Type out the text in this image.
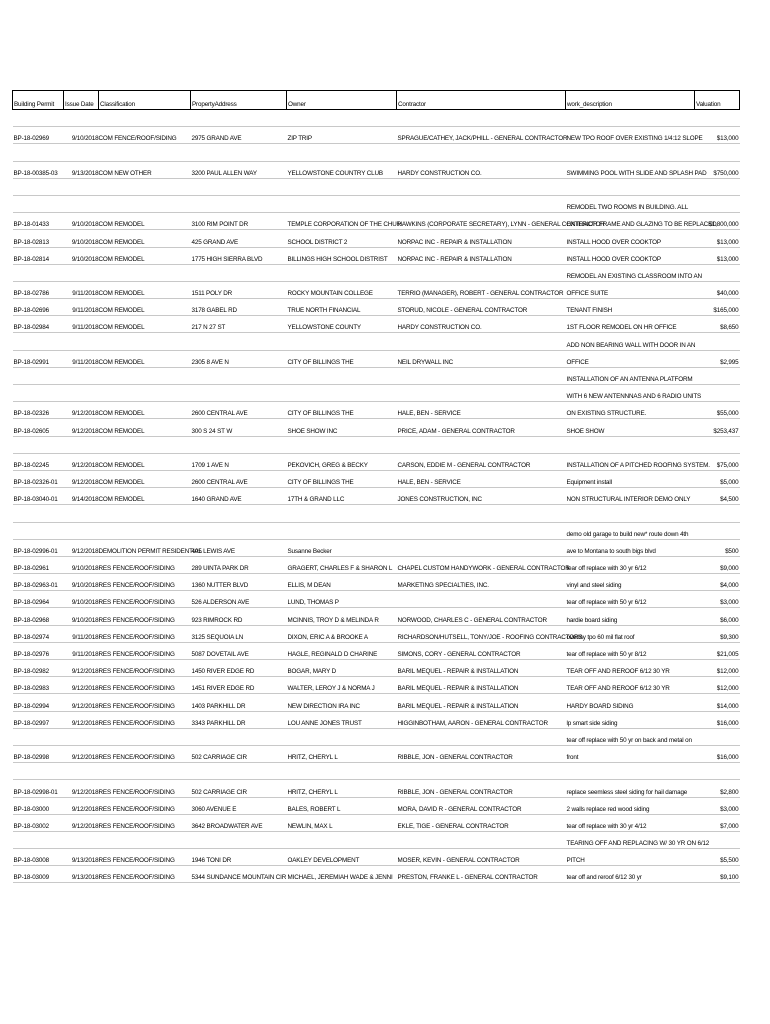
Building Permit	Issue Date	Classification	PropertyAddress	Owner	Contractor	work_description	Valuation

BP-18-02969	9/10/2018	COM FENCE/ROOF/SIDING	2975 GRAND AVE	ZIP TRIP	SPRAGUE/CATHEY, JACK/PHILL - GENERAL CONTRACTOR	NEW TPO ROOF OVER EXISTING 1/4:12 SLOPE	$13,000

BP-18-00385-03	9/13/2018	COM NEW OTHER	3200 PAUL ALLEN WAY	YELLOWSTONE COUNTRY CLUB	HARDY CONSTRUCTION CO.	SWIMMING POOL WITH SLIDE AND SPLASH PAD	$750,000

						REMODEL TWO ROOMS IN BUILDING. ALL	
BP-18-01433	9/10/2018	COM REMODEL	3100 RIM POINT DR	TEMPLE CORPORATION OF THE CHUR	HAWKINS (CORPORATE SECRETARY), LYNN - GENERAL CONTRACTOR	EXTERIOR FRAME AND GLAZING TO BE REPLACED	$1,800,000
BP-18-02813	9/10/2018	COM REMODEL	425 GRAND AVE	SCHOOL DISTRICT 2	NORPAC INC - REPAIR & INSTALLATION	INSTALL HOOD OVER COOKTOP	$13,000
BP-18-02814	9/10/2018	COM REMODEL	1775 HIGH SIERRA BLVD	BILLINGS HIGH SCHOOL DISTRIST	NORPAC INC - REPAIR & INSTALLATION	INSTALL HOOD OVER COOKTOP	$13,000
						REMODEL AN EXISTING CLASSROOM INTO AN	
BP-18-02786	9/11/2018	COM REMODEL	1511 POLY DR	ROCKY MOUNTAIN COLLEGE	TERRIO (MANAGER), ROBERT - GENERAL CONTRACTOR	OFFICE SUITE	$40,000
BP-18-02696	9/11/2018	COM REMODEL	3178 GABEL RD	TRUE NORTH FINANCIAL	STORUD, NICOLE - GENERAL CONTRACTOR	TENANT FINISH	$165,000
BP-18-02984	9/11/2018	COM REMODEL	217 N 27 ST	YELLOWSTONE COUNTY	HARDY CONSTRUCTION CO.	1ST FLOOR REMODEL ON HR OFFICE	$8,650
						ADD NON BEARING WALL WITH DOOR IN AN	
BP-18-02991	9/11/2018	COM REMODEL	2305 8 AVE N	CITY OF BILLINGS THE	NEIL DRYWALL INC	OFFICE	$2,995
						INSTALLATION OF AN ANTENNA PLATFORM	
						WITH 6 NEW ANTENNNAS AND 6 RADIO UNITS	
BP-18-02326	9/12/2018	COM REMODEL	2600 CENTRAL AVE	CITY OF BILLINGS THE	HALE, BEN - SERVICE	ON EXISTING STRUCTURE.	$55,000
BP-18-02605	9/12/2018	COM REMODEL	300 S 24 ST W	SHOE SHOW INC	PRICE, ADAM - GENERAL CONTRACTOR	SHOE SHOW	$253,437

BP-18-02245	9/12/2018	COM REMODEL	1709 1 AVE N	PEKOVICH, GREG & BECKY	CARSON, EDDIE M - GENERAL CONTRACTOR	INSTALLATION OF A PITCHED ROOFING SYSTEM.	$75,000
BP-18-02326-01	9/12/2018	COM REMODEL	2600 CENTRAL AVE	CITY OF BILLINGS THE	HALE, BEN - SERVICE	Equipment install	$5,000
BP-18-03040-01	9/14/2018	COM REMODEL	1640 GRAND AVE	17TH & GRAND LLC	JONES CONSTRUCTION, INC	NON STRUCTURAL INTERIOR DEMO ONLY	$4,500

						demo old garage to build new* route down 4th	
BP-18-02996-01	9/12/2018	DEMOLITION PERMIT RESIDENTIAL	405 LEWIS AVE	Susanne Becker		ave to Montana to south bigs blvd	$500
BP-18-02961	9/10/2018	RES FENCE/ROOF/SIDING	289 UINTA PARK DR	GRAGERT, CHARLES F & SHARON L	CHAPEL CUSTOM HANDYWORK - GENERAL CONTRACTOR	tear off replace with 30 yr 6/12	$9,000
BP-18-02963-01	9/10/2018	RES FENCE/ROOF/SIDING	1360 NUTTER BLVD	ELLIS, M DEAN	MARKETING SPECIALTIES, INC.	vinyl and steel siding	$4,000
BP-18-02964	9/10/2018	RES FENCE/ROOF/SIDING	526 ALDERSON AVE	LUND, THOMAS P		tear off replace with 50 yr 6/12	$3,000
BP-18-02968	9/10/2018	RES FENCE/ROOF/SIDING	923 RIMROCK RD	MCINNIS, TROY D & MELINDA R	NORWOOD, CHARLES C - GENERAL CONTRACTOR	hardie board siding	$6,000
BP-18-02974	9/11/2018	RES FENCE/ROOF/SIDING	3125 SEQUOIA LN	DIXON, ERIC A & BROOKE A	RICHARDSON/HUTSELL, TONY/JOE - ROOFING CONTRACTORS	overlay tpo 60 mil flat roof	$9,300
BP-18-02976	9/11/2018	RES FENCE/ROOF/SIDING	5087 DOVETAIL AVE	HAGLE, REGINALD D CHARINE	SIMONS, CORY - GENERAL CONTRACTOR	tear off replace with 50 yr 8/12	$21,005
BP-18-02982	9/12/2018	RES FENCE/ROOF/SIDING	1450 RIVER EDGE RD	BOGAR, MARY D	BARIL MEQUEL - REPAIR & INSTALLATION	TEAR OFF AND REROOF 6/12 30 YR	$12,000
BP-18-02983	9/12/2018	RES FENCE/ROOF/SIDING	1451 RIVER EDGE RD	WALTER, LEROY J & NORMA J	BARIL MEQUEL - REPAIR & INSTALLATION	TEAR OFF AND REROOF 6/12 30 YR	$12,000
BP-18-02994	9/12/2018	RES FENCE/ROOF/SIDING	1403 PARKHILL DR	NEW DIRECTION IRA INC	BARIL MEQUEL - REPAIR & INSTALLATION	HARDY BOARD SIDING	$14,000
BP-18-02997	9/12/2018	RES FENCE/ROOF/SIDING	3343 PARKHILL DR	LOU ANNE JONES TRUST	HIGGINBOTHAM, AARON - GENERAL CONTRACTOR	lp smart side siding	$16,000
						tear off replace with 50 yr on back and metal on	
BP-18-02998	9/12/2018	RES FENCE/ROOF/SIDING	502 CARRIAGE CIR	HRITZ, CHERYL L	RIBBLE, JON - GENERAL CONTRACTOR	front	$16,000

BP-18-02998-01	9/12/2018	RES FENCE/ROOF/SIDING	502 CARRIAGE CIR	HRITZ, CHERYL L	RIBBLE, JON - GENERAL CONTRACTOR	replace seemless steel siding for hail damage	$2,800
BP-18-03000	9/12/2018	RES FENCE/ROOF/SIDING	3060 AVENUE E	BALES, ROBERT L	MORA, DAVID R - GENERAL CONTRACTOR	2 walls replace red wood siding	$3,000
BP-18-03002	9/12/2018	RES FENCE/ROOF/SIDING	3642 BROADWATER AVE	NEWLIN, MAX L	EKLE, TIGE - GENERAL CONTRACTOR	tear off replace with 30 yr 4/12	$7,000
						TEARING OFF AND REPLACING W/ 30 YR ON 6/12	
BP-18-03008	9/13/2018	RES FENCE/ROOF/SIDING	1946 TONI DR	OAKLEY DEVELOPMENT	MOSER, KEVIN - GENERAL CONTRACTOR	PITCH	$5,500
BP-18-03009	9/13/2018	RES FENCE/ROOF/SIDING	5344 SUNDANCE MOUNTAIN CIR	MICHAEL, JEREMIAH WADE & JENNI	PRESTON, FRANKE L - GENERAL CONTRACTOR	tear off and reroof 6/12 30 yr	$9,100
